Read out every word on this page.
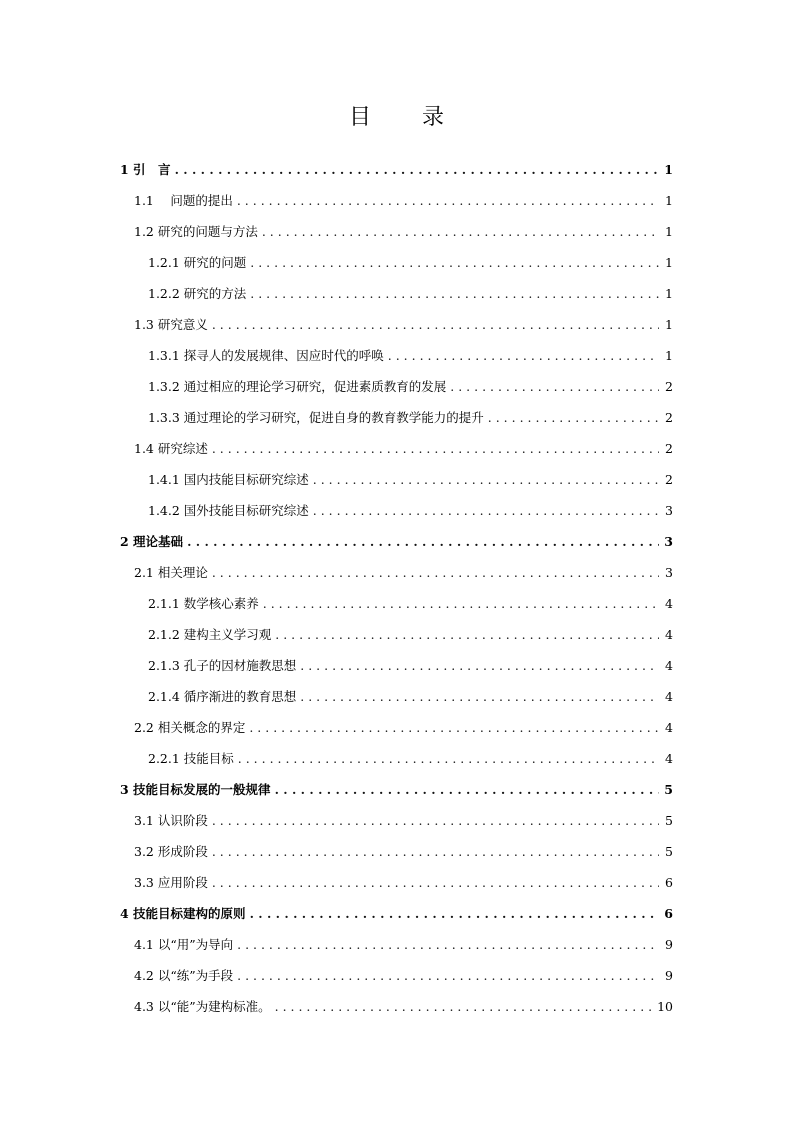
目 录
1 引　言 . . .	1
1.1　 问题的提出 . . .	1
1.2 研究的问题与方法 . . .	1
1.2.1 研究的问题 . . .	1
1.2.2 研究的方法 . . .	1
1.3 研究意义 . . .	1
1.3.1 探寻人的发展规律、因应时代的呼唤 . . .	1
1.3.2 通过相应的理论学习研究，促进素质教育的发展 . . .	2
1.3.3 通过理论的学习研究，促进自身的教育教学能力的提升 . . .	2
1.4 研究综述 . . .	2
1.4.1 国内技能目标研究综述 . . .	2
1.4.2 国外技能目标研究综述 . . .	3
2 理论基础 . . .	3
2.1 相关理论 . . .	3
2.1.1 数学核心素养 . . .	4
2.1.2 建构主义学习观 . . .	4
2.1.3 孔子的因材施教思想 . . .	4
2.1.4 循序渐进的教育思想 . . .	4
2.2 相关概念的界定 . . .	4
2.2.1 技能目标 . . .	4
3 技能目标发展的一般规律 . . .	5
3.1 认识阶段 . . .	5
3.2 形成阶段 . . .	5
3.3 应用阶段 . . .	6
4 技能目标建构的原则 . . .	6
4.1 以“用”为导向 . . .	9
4.2 以“练”为手段 . . .	9
4.3 以“能”为建构标准。 . . .	10
